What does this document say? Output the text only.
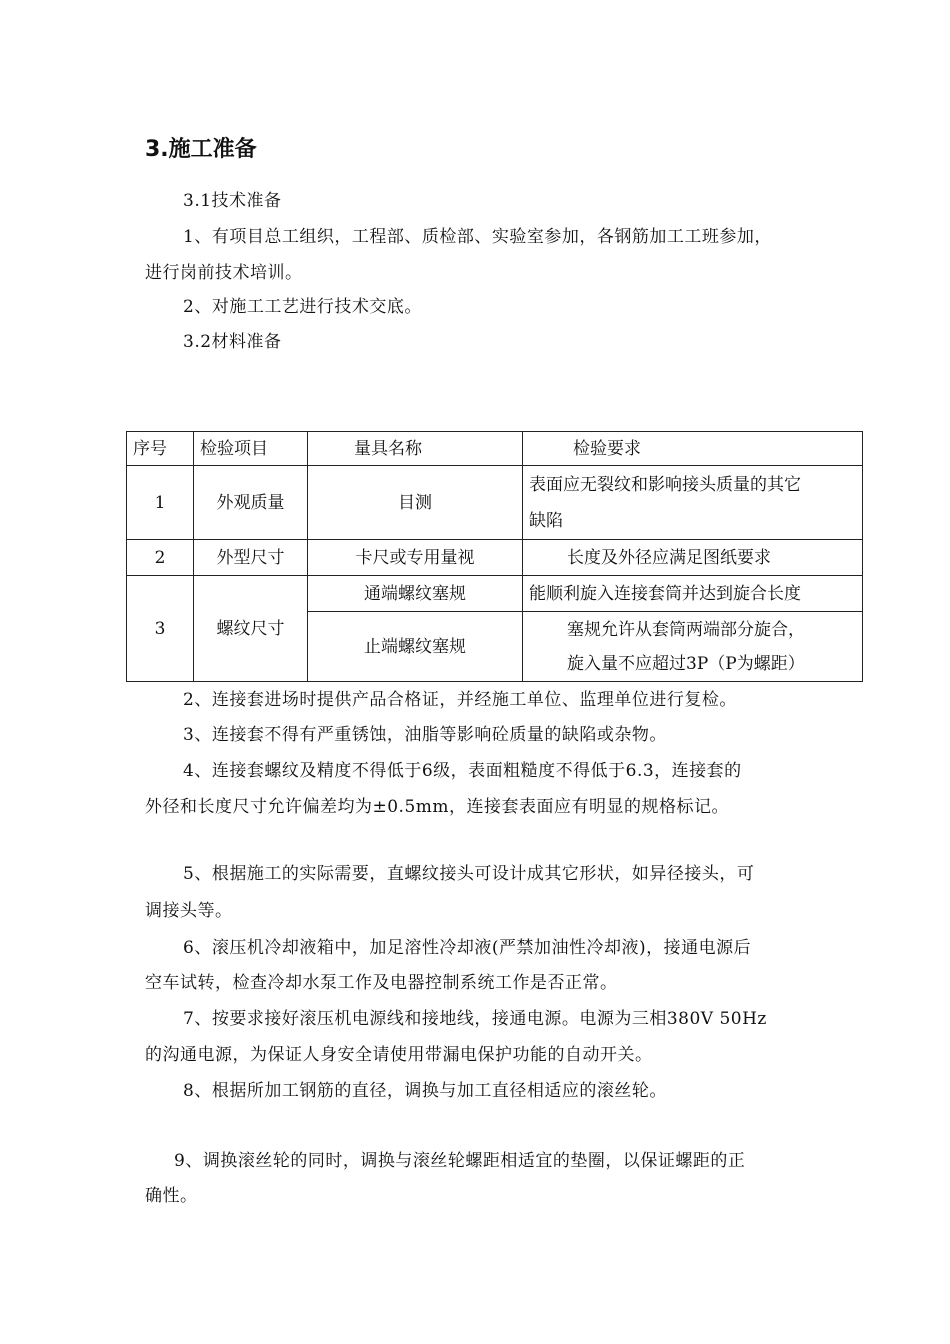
3.施工准备
3.1技术准备
1、有项目总工组织，工程部、质检部、实验室参加，各钢筋加工工班参加，
进行岗前技术培训。
2、对施工工艺进行技术交底。
3.2材料准备
序号	检验项目	量具名称	检验要求
1	外观质量	目测	表面应无裂纹和影响接头质量的其它
缺陷

2	外型尺寸	卡尺或专用量视	长度及外径应满足图纸要求
3	螺纹尺寸	通端螺纹塞规	能顺利旋入连接套筒并达到旋合长度
		止端螺纹塞规	塞规允许从套筒两端部分旋合，
旋入量不应超过3P（P为螺距）
2、连接套进场时提供产品合格证，并经施工单位、监理单位进行复检。
3、连接套不得有严重锈蚀，油脂等影响砼质量的缺陷或杂物。
4、连接套螺纹及精度不得低于6级，表面粗糙度不得低于6.3，连接套的
外径和长度尺寸允许偏差均为±0.5mm，连接套表面应有明显的规格标记。
5、根据施工的实际需要，直螺纹接头可设计成其它形状，如异径接头，可
调接头等。
6、滚压机冷却液箱中，加足溶性冷却液(严禁加油性冷却液)，接通电源后
空车试转，检查冷却水泵工作及电器控制系统工作是否正常。
7、按要求接好滚压机电源线和接地线，接通电源。电源为三相380V 50Hz
的沟通电源，为保证人身安全请使用带漏电保护功能的自动开关。
8、根据所加工钢筋的直径，调换与加工直径相适应的滚丝轮。
9、调换滚丝轮的同时，调换与滚丝轮螺距相适宜的垫圈，以保证螺距的正
确性。
